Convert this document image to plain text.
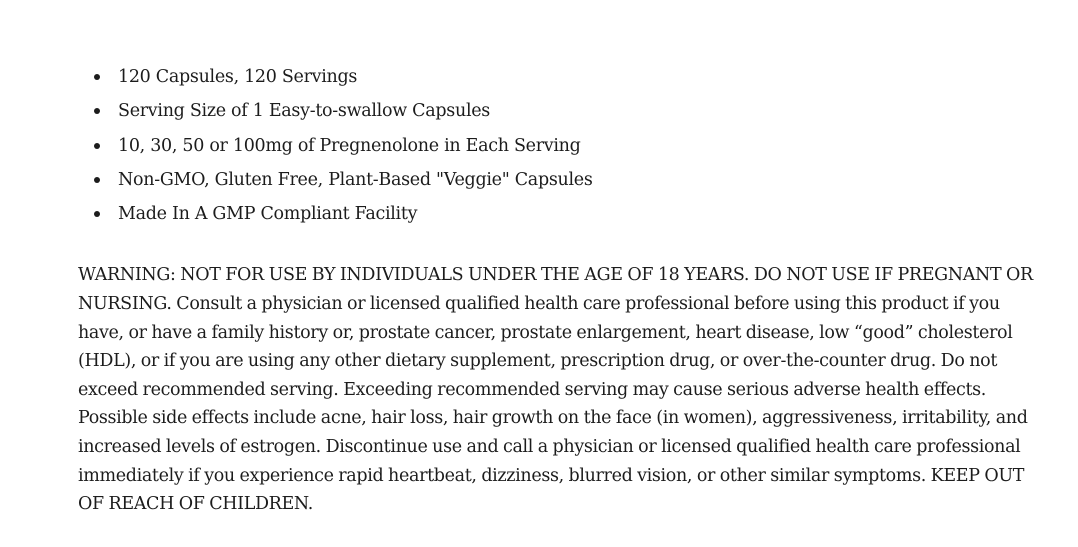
120 Capsules, 120 Servings
Serving Size of 1 Easy-to-swallow Capsules
10, 30, 50 or 100mg of Pregnenolone in Each Serving
Non-GMO, Gluten Free, Plant-Based "Veggie" Capsules
Made In A GMP Compliant Facility

WARNING: NOT FOR USE BY INDIVIDUALS UNDER THE AGE OF 18 YEARS. DO NOT USE IF PREGNANT OR NURSING. Consult a physician or licensed qualified health care professional before using this product if you have, or have a family history or, prostate cancer, prostate enlargement, heart disease, low “good” cholesterol (HDL), or if you are using any other dietary supplement, prescription drug, or over-the-counter drug. Do not exceed recommended serving. Exceeding recommended serving may cause serious adverse health effects. Possible side effects include acne, hair loss, hair growth on the face (in women), aggressiveness, irritability, and increased levels of estrogen. Discontinue use and call a physician or licensed qualified health care professional immediately if you experience rapid heartbeat, dizziness, blurred vision, or other similar symptoms. KEEP OUT OF REACH OF CHILDREN.
